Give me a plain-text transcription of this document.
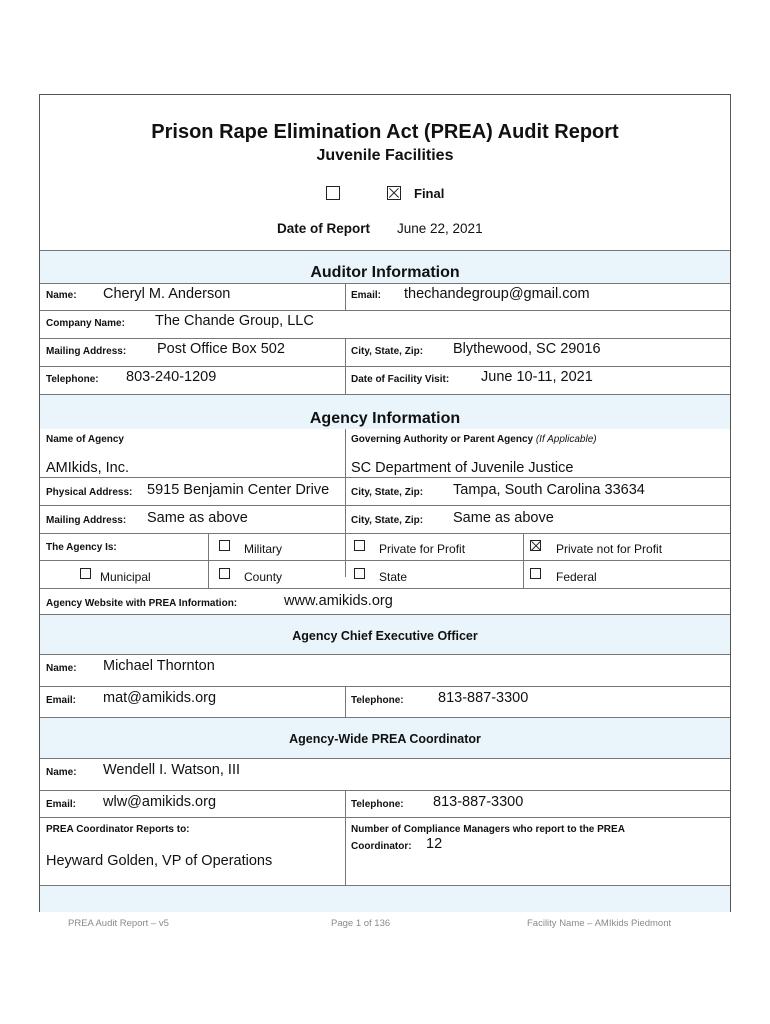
Prison Rape Elimination Act (PREA) Audit Report
Juvenile Facilities
Final
Date of Report June 22, 2021
Auditor Information
Name: Cheryl M. Anderson	Email: thechandegroup@gmail.com
Company Name: The Chande Group, LLC
Mailing Address: Post Office Box 502	City, State, Zip: Blythewood, SC 29016
Telephone: 803-240-1209	Date of Facility Visit: June 10-11, 2021
Agency Information
Name of Agency
AMIkids, Inc.
Governing Authority or Parent Agency (If Applicable)
SC Department of Juvenile Justice
Physical Address: 5915 Benjamin Center Drive City, State, Zip: Tampa, South Carolina 33634
Mailing Address: Same as above	City, State, Zip: Same as above
The Agency Is:	Military	Private for Profit	Private not for Profit
Municipal	County	State	Federal
Agency Website with PREA Information:	www.amikids.org
Agency Chief Executive Officer
Name: Michael Thornton
Email: mat@amikids.org	Telephone: 813-887-3300
Agency-Wide PREA Coordinator
Name: Wendell I. Watson, III
Email: wlw@amikids.org	Telephone: 813-887-3300
PREA Coordinator Reports to:
Heyward Golden, VP of Operations
Number of Compliance Managers who report to the PREA
Coordinator: 12
PREA Audit Report – v5	Page 1 of 136	Facility Name – AMIkids Piedmont
